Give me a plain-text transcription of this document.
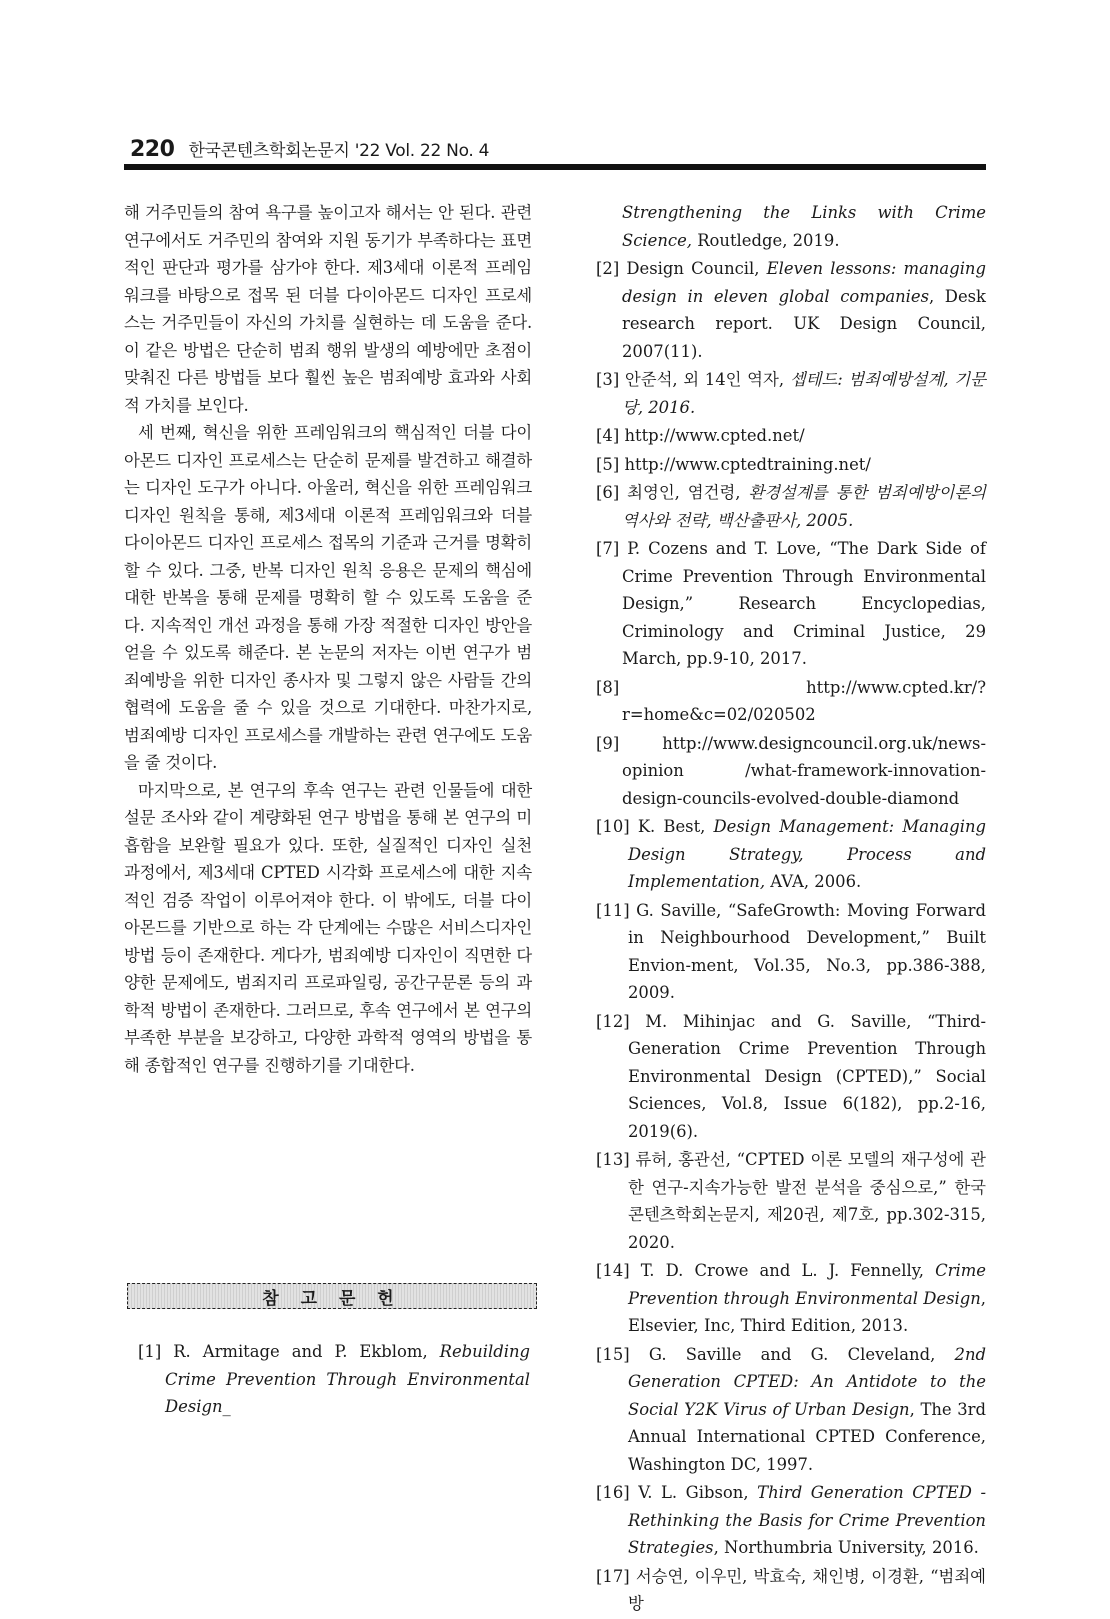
220 한국콘텐츠학회논문지 '22 Vol. 22 No. 4

해 거주민들의 참여 욕구를 높이고자 해서는 안 된다. 관련 연구에서도 거주민의 참여와 지원 동기가 부족하다는 표면적인 판단과 평가를 삼가야 한다. 제3세대 이론적 프레임워크를 바탕으로 접목 된 더블 다이아몬드 디자인 프로세스는 거주민들이 자신의 가치를 실현하는 데 도움을 준다. 이 같은 방법은 단순히 범죄 행위 발생의 예방에만 초점이 맞춰진 다른 방법들 보다 훨씬 높은 범죄예방 효과와 사회적 가치를 보인다.

세 번째, 혁신을 위한 프레임워크의 핵심적인 더블 다이아몬드 디자인 프로세스는 단순히 문제를 발견하고 해결하는 디자인 도구가 아니다. 아울러, 혁신을 위한 프레임워크 디자인 원칙을 통해, 제3세대 이론적 프레임워크와 더블 다이아몬드 디자인 프로세스 접목의 기준과 근거를 명확히 할 수 있다. 그중, 반복 디자인 원칙 응용은 문제의 핵심에 대한 반복을 통해 문제를 명확히 할 수 있도록 도움을 준다. 지속적인 개선 과정을 통해 가장 적절한 디자인 방안을 얻을 수 있도록 해준다. 본 논문의 저자는 이번 연구가 범죄예방을 위한 디자인 종사자 및 그렇지 않은 사람들 간의 협력에 도움을 줄 수 있을 것으로 기대한다. 마찬가지로, 범죄예방 디자인 프로세스를 개발하는 관련 연구에도 도움을 줄 것이다.

마지막으로, 본 연구의 후속 연구는 관련 인물들에 대한 설문 조사와 같이 계량화된 연구 방법을 통해 본 연구의 미흡함을 보완할 필요가 있다. 또한, 실질적인 디자인 실천 과정에서, 제3세대 CPTED 시각화 프로세스에 대한 지속적인 검증 작업이 이루어져야 한다. 이 밖에도, 더블 다이아몬드를 기반으로 하는 각 단계에는 수많은 서비스디자인 방법 등이 존재한다. 게다가, 범죄예방 디자인이 직면한 다양한 문제에도, 범죄지리 프로파일링, 공간구문론 등의 과학적 방법이 존재한다. 그러므로, 후속 연구에서 본 연구의 부족한 부분을 보강하고, 다양한 과학적 영역의 방법을 통해 종합적인 연구를 진행하기를 기대한다.

참 고 문 헌

[1] R. Armitage and P. Ekblom, Rebuilding Crime Prevention Through Environmental Design_

Strengthening the Links with Crime Science, Routledge, 2019.

[2] Design Council, Eleven lessons: managing design in eleven global companies, Desk research report. UK Design Council, 2007(11).

[3] 안준석, 외 14인 역자, 셉테드: 범죄예방설계, 기문당, 2016.

[4] http://www.cpted.net/

[5] http://www.cptedtraining.net/

[6] 최영인, 염건령, 환경설계를 통한 범죄예방이론의 역사와 전략, 백산출판사, 2005.

[7] P. Cozens and T. Love, “The Dark Side of Crime Prevention Through Environmental Design,” Research Encyclopedias, Criminology and Criminal Justice, 29 March, pp.9-10, 2017.

[8]	http://www.cpted.kr/?r=home&c=02/020502

[9]	http://www.designcouncil.org.uk/news-opinion /what-framework-innovation-design-councils-evolved-double-diamond

[10] K. Best, Design Management: Managing Design Strategy, Process and Implementation, AVA, 2006.

[11] G. Saville, “SafeGrowth: Moving Forward in Neighbourhood Development,” Built Envion-ment, Vol.35, No.3, pp.386-388, 2009.

[12] M. Mihinjac and G. Saville, “Third-Generation Crime Prevention Through Environmental Design (CPTED),” Social Sciences, Vol.8, Issue 6(182), pp.2-16, 2019(6).

[13] 류허, 홍관선, “CPTED 이론 모델의 재구성에 관한 연구-지속가능한 발전 분석을 중심으로,” 한국콘텐츠학회논문지, 제20권, 제7호, pp.302-315, 2020.

[14] T. D. Crowe and L. J. Fennelly, Crime Prevention through Environmental Design, Elsevier, Inc, Third Edition, 2013.

[15] G. Saville and G. Cleveland, 2nd Generation CPTED: An Antidote to the Social Y2K Virus of Urban Design, The 3rd Annual International CPTED Conference, Washington DC, 1997.

[16] V. L. Gibson, Third Generation CPTED - Rethinking the Basis for Crime Prevention Strategies, Northumbria University, 2016.

[17] 서승연, 이우민, 박효숙, 채인병, 이경환, “범죄예방
